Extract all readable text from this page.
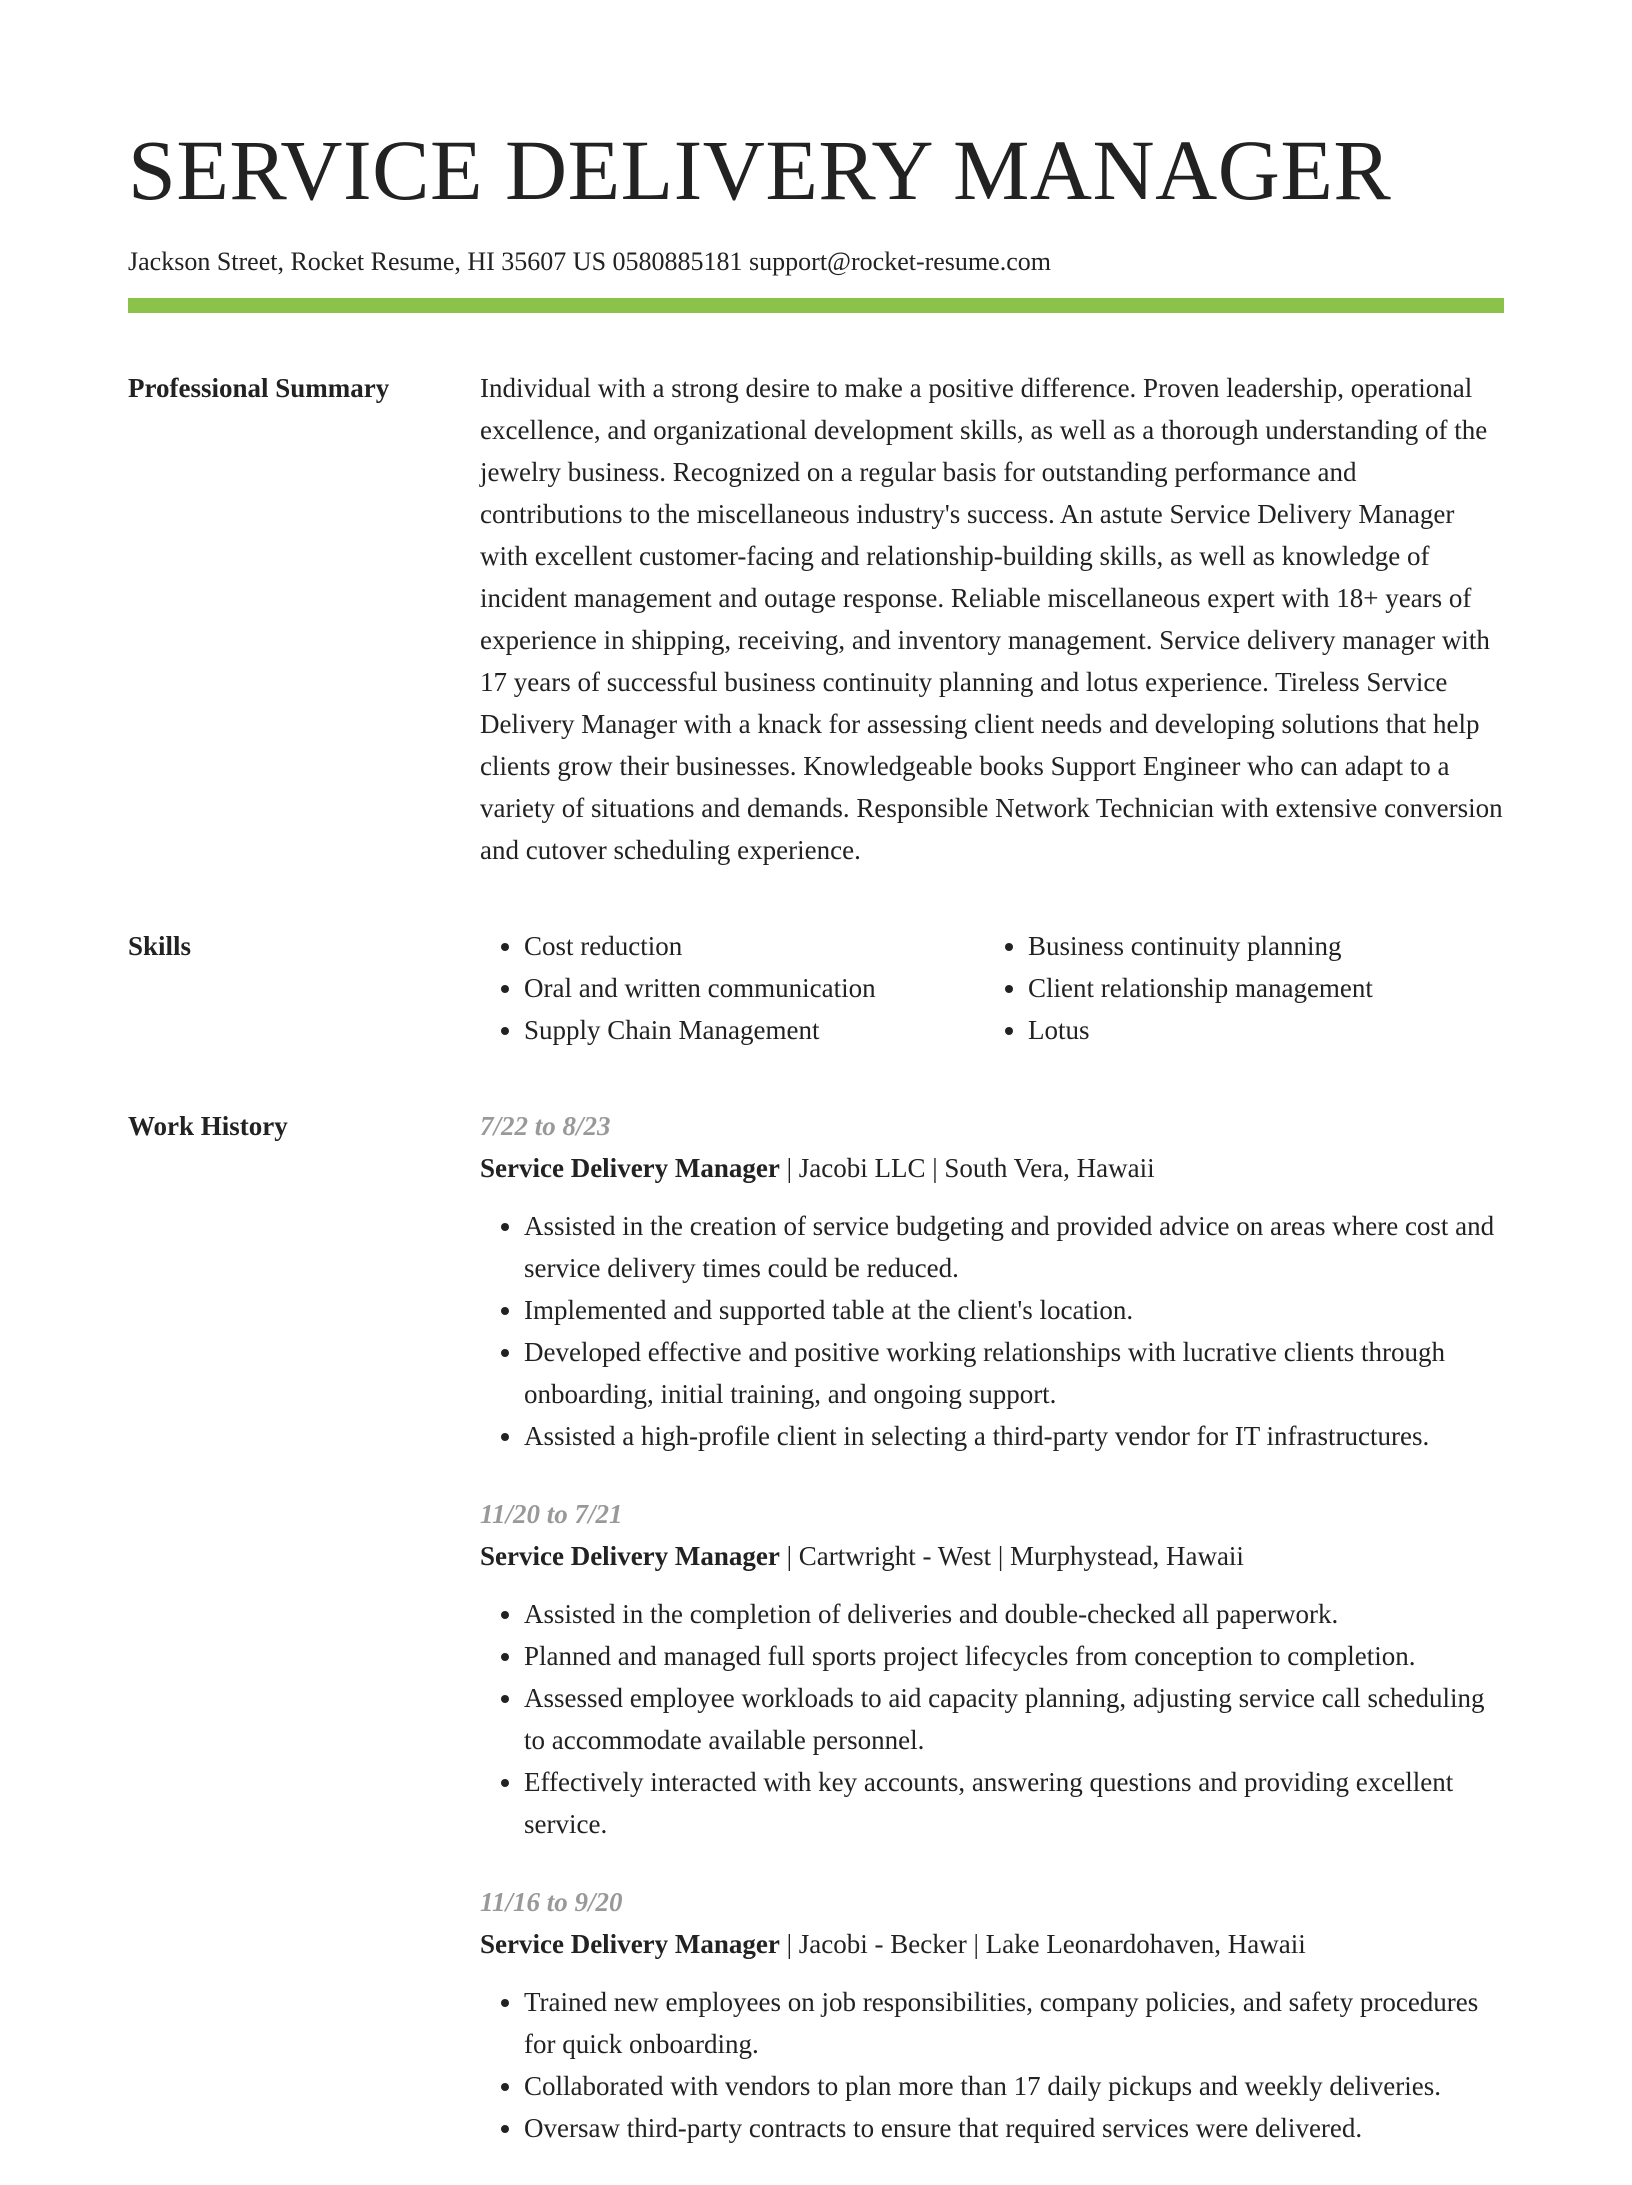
SERVICE DELIVERY MANAGER
Jackson Street, Rocket Resume, HI 35607 US 0580885181 support@rocket-resume.com
Professional Summary	Individual with a strong desire to make a positive difference. Proven leadership, operational excellence, and organizational development skills, as well as a thorough understanding of the jewelry business. Recognized on a regular basis for outstanding performance and contributions to the miscellaneous industry's success. An astute Service Delivery Manager with excellent customer-facing and relationship-building skills, as well as knowledge of incident management and outage response. Reliable miscellaneous expert with 18+ years of experience in shipping, receiving, and inventory management. Service delivery manager with 17 years of successful business continuity planning and lotus experience. Tireless Service Delivery Manager with a knack for assessing client needs and developing solutions that help clients grow their businesses. Knowledgeable books Support Engineer who can adapt to a variety of situations and demands. Responsible Network Technician with extensive conversion and cutover scheduling experience.

Skills
•	Cost reduction
• Oral and written communication
• Supply Chain Management
• Business continuity planning
• Client relationship management
• Lotus
Work History	7/22 to 8/23
Service Delivery Manager | Jacobi LLC | South Vera, Hawaii
• Assisted in the creation of service budgeting and provided advice on areas where cost and service delivery times could be reduced.
• Implemented and supported table at the client's location.
• Developed effective and positive working relationships with lucrative clients through onboarding, initial training, and ongoing support.
• Assisted a high-profile client in selecting a third-party vendor for IT infrastructures.
11/20 to 7/21
Service Delivery Manager | Cartwright - West | Murphystead, Hawaii
• Assisted in the completion of deliveries and double-checked all paperwork.
• Planned and managed full sports project lifecycles from conception to completion.
• Assessed employee workloads to aid capacity planning, adjusting service call scheduling to accommodate available personnel.
• Effectively interacted with key accounts, answering questions and providing excellent service.
11/16 to 9/20
Service Delivery Manager | Jacobi - Becker | Lake Leonardohaven, Hawaii
• Trained new employees on job responsibilities, company policies, and safety procedures for quick onboarding.
• Collaborated with vendors to plan more than 17 daily pickups and weekly deliveries.
• Oversaw third-party contracts to ensure that required services were delivered.
